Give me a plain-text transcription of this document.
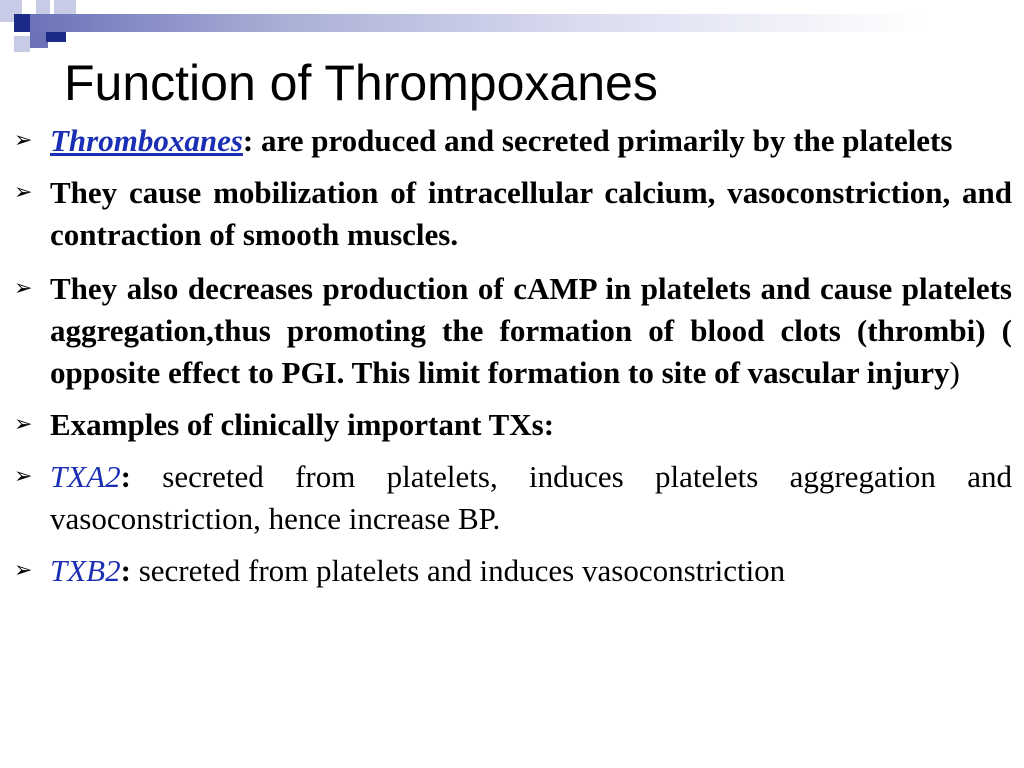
Function of Thrompoxanes

➢ Thromboxanes: are produced and secreted primarily by the platelets

➢ They cause mobilization of intracellular calcium, vasoconstriction, and contraction of smooth muscles.

➢ They also decreases production of cAMP in platelets and cause platelets aggregation,thus promoting the formation of blood clots (thrombi) ( opposite effect to PGI. This limit formation to site of vascular injury)

➢ Examples of clinically important TXs:

➢ TXA2: secreted from platelets, induces platelets aggregation and vasoconstriction, hence increase BP.

➢ TXB2: secreted from platelets and induces vasoconstriction
